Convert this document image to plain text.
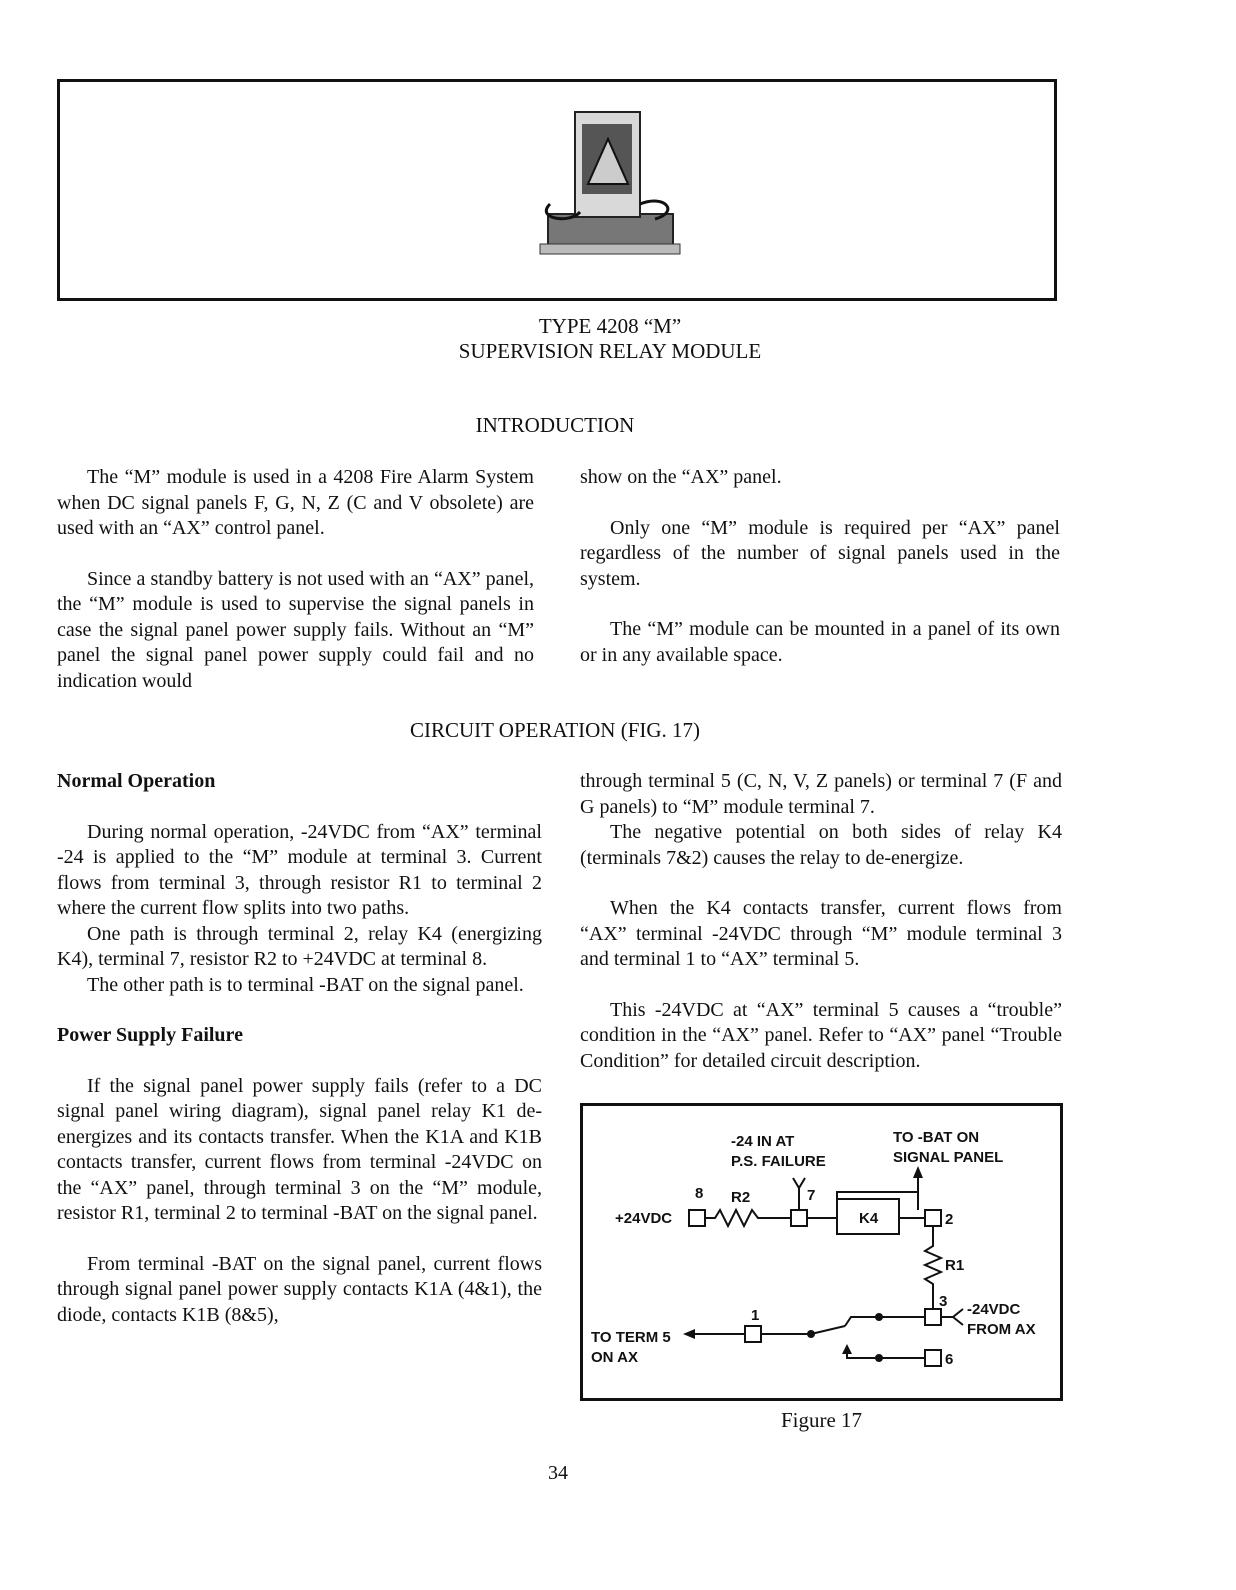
TYPE 4208 “M”
SUPERVISION RELAY MODULE
INTRODUCTION

The “M” module is used in a 4208 Fire Alarm System when DC signal panels F, G, N, Z (C and V obsolete) are used with an “AX” control panel.

Since a standby battery is not used with an “AX” panel, the “M” module is used to supervise the signal panels in case the signal panel power supply fails. Without an “M” panel the signal panel power supply could fail and no indication would

show on the “AX” panel.

Only one “M” module is required per “AX” panel regardless of the number of signal panels used in the system.

The “M” module can be mounted in a panel of its own or in any available space.

CIRCUIT OPERATION (FIG. 17)

Normal Operation

During normal operation, -24VDC from “AX” terminal -24 is applied to the “M” module at terminal 3. Current flows from terminal 3, through resistor R1 to terminal 2 where the current flow splits into two paths.

One path is through terminal 2, relay K4 (energizing K4), terminal 7, resistor R2 to +24VDC at terminal 8.

The other path is to terminal -BAT on the signal panel.

Power Supply Failure

If the signal panel power supply fails (refer to a DC signal panel wiring diagram), signal panel relay K1 de-energizes and its contacts transfer. When the K1A and K1B contacts transfer, current flows from terminal -24VDC on the “AX” panel, through terminal 3 on the “M” module, resistor R1, terminal 2 to terminal -BAT on the signal panel.

From terminal -BAT on the signal panel, current flows through signal panel power supply contacts K1A (4&1), the diode, contacts K1B (8&5),

through terminal 5 (C, N, V, Z panels) or terminal 7 (F and G panels) to “M” module terminal 7.

The negative potential on both sides of relay K4 (terminals 7&2) causes the relay to de-energize.

When the K4 contacts transfer, current flows from “AX” terminal -24VDC through “M” module terminal 3 and terminal 1 to “AX” terminal 5.

This -24VDC at “AX” terminal 5 causes a “trouble” condition in the “AX” panel. Refer to “AX” panel “Trouble Condition” for detailed circuit description.

-24 IN AT
P.S. FAILURE
TO -BAT ON
SIGNAL PANEL
+24VDC
8 R2	7
K4	2
R1
3 -24VDC
FROM AX
1
TO TERM 5
ON AX	6
Figure 17
34
